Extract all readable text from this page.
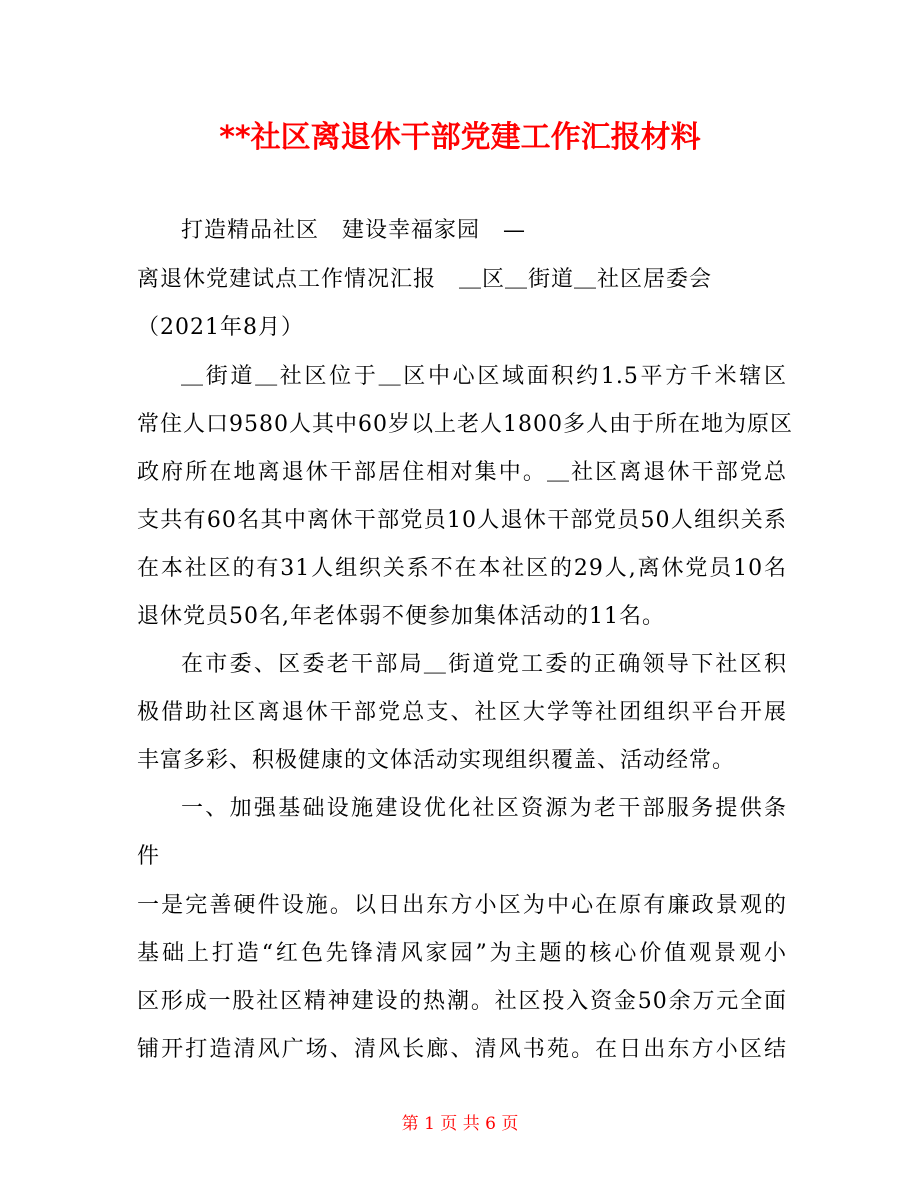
**社区离退休干部党建工作汇报材料
打造精品社区　建设幸福家园　—
离退休党建试点工作情况汇报　＿区＿街道＿社区居委会
（2021年8月）
＿街道＿社区位于＿区中心区域面积约1.5平方千米辖区
常住人口9580人其中60岁以上老人1800多人由于所在地为原区
政府所在地离退休干部居住相对集中。＿社区离退休干部党总
支共有60名其中离休干部党员10人退休干部党员50人组织关系
在本社区的有31人组织关系不在本社区的29人,离休党员10名
退休党员50名,年老体弱不便参加集体活动的11名。
在市委、区委老干部局＿街道党工委的正确领导下社区积
极借助社区离退休干部党总支、社区大学等社团组织平台开展
丰富多彩、积极健康的文体活动实现组织覆盖、活动经常。
一、加强基础设施建设优化社区资源为老干部服务提供条
件
一是完善硬件设施。以日出东方小区为中心在原有廉政景观的
基础上打造“红色先锋清风家园”为主题的核心价值观景观小
区形成一股社区精神建设的热潮。社区投入资金50余万元全面
铺开打造清风广场、清风长廊、清风书苑。在日出东方小区结
第 1 页 共 6 页
